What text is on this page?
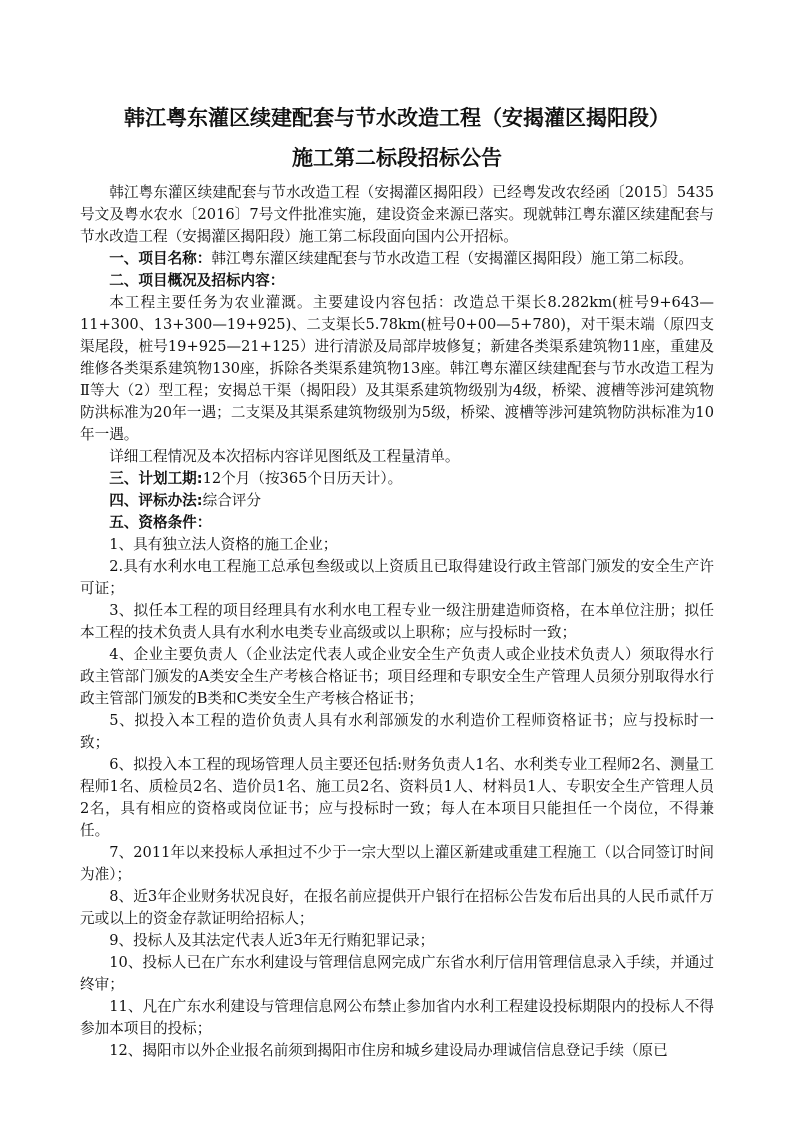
韩江粤东灌区续建配套与节水改造工程（安揭灌区揭阳段）
施工第二标段招标公告

韩江粤东灌区续建配套与节水改造工程（安揭灌区揭阳段）已经粤发改农经函〔2015〕5435号文及粤水农水〔2016〕7号文件批准实施，建设资金来源已落实。现就韩江粤东灌区续建配套与节水改造工程（安揭灌区揭阳段）施工第二标段面向国内公开招标。

一、项目名称：韩江粤东灌区续建配套与节水改造工程（安揭灌区揭阳段）施工第二标段。

二、项目概况及招标内容：

本工程主要任务为农业灌溉。主要建设内容包括：改造总干渠长8.282km(桩号9+643—11+300、13+300—19+925)、二支渠长5.78km(桩号0+00—5+780)，对干渠末端（原四支渠尾段，桩号19+925—21+125）进行清淤及局部岸坡修复；新建各类渠系建筑物11座，重建及维修各类渠系建筑物130座，拆除各类渠系建筑物13座。韩江粤东灌区续建配套与节水改造工程为Ⅱ等大（2）型工程；安揭总干渠（揭阳段）及其渠系建筑物级别为4级，桥梁、渡槽等涉河建筑物防洪标准为20年一遇；二支渠及其渠系建筑物级别为5级，桥梁、渡槽等涉河建筑物防洪标准为10年一遇。

详细工程情况及本次招标内容详见图纸及工程量清单。

三、计划工期:12个月（按365个日历天计）。

四、评标办法:综合评分

五、资格条件：

1、具有独立法人资格的施工企业；

2.具有水利水电工程施工总承包叁级或以上资质且已取得建设行政主管部门颁发的安全生产许可证；

3、拟任本工程的项目经理具有水利水电工程专业一级注册建造师资格，在本单位注册；拟任本工程的技术负责人具有水利水电类专业高级或以上职称；应与投标时一致；

4、企业主要负责人（企业法定代表人或企业安全生产负责人或企业技术负责人）须取得水行政主管部门颁发的A类安全生产考核合格证书；项目经理和专职安全生产管理人员须分别取得水行政主管部门颁发的B类和C类安全生产考核合格证书；

5、拟投入本工程的造价负责人具有水利部颁发的水利造价工程师资格证书；应与投标时一致；

6、拟投入本工程的现场管理人员主要还包括:财务负责人1名、水利类专业工程师2名、测量工程师1名、质检员2名、造价员1名、施工员2名、资料员1人、材料员1人、专职安全生产管理人员2名，具有相应的资格或岗位证书；应与投标时一致；每人在本项目只能担任一个岗位，不得兼任。

7、2011年以来投标人承担过不少于一宗大型以上灌区新建或重建工程施工（以合同签订时间为准）；

8、近3年企业财务状况良好，在报名前应提供开户银行在招标公告发布后出具的人民币贰仟万元或以上的资金存款证明给招标人；

9、投标人及其法定代表人近3年无行贿犯罪记录；

10、投标人已在广东水利建设与管理信息网完成广东省水利厅信用管理信息录入手续，并通过终审；

11、凡在广东水利建设与管理信息网公布禁止参加省内水利工程建设投标期限内的投标人不得参加本项目的投标；

12、揭阳市以外企业报名前须到揭阳市住房和城乡建设局办理诚信信息登记手续（原已
